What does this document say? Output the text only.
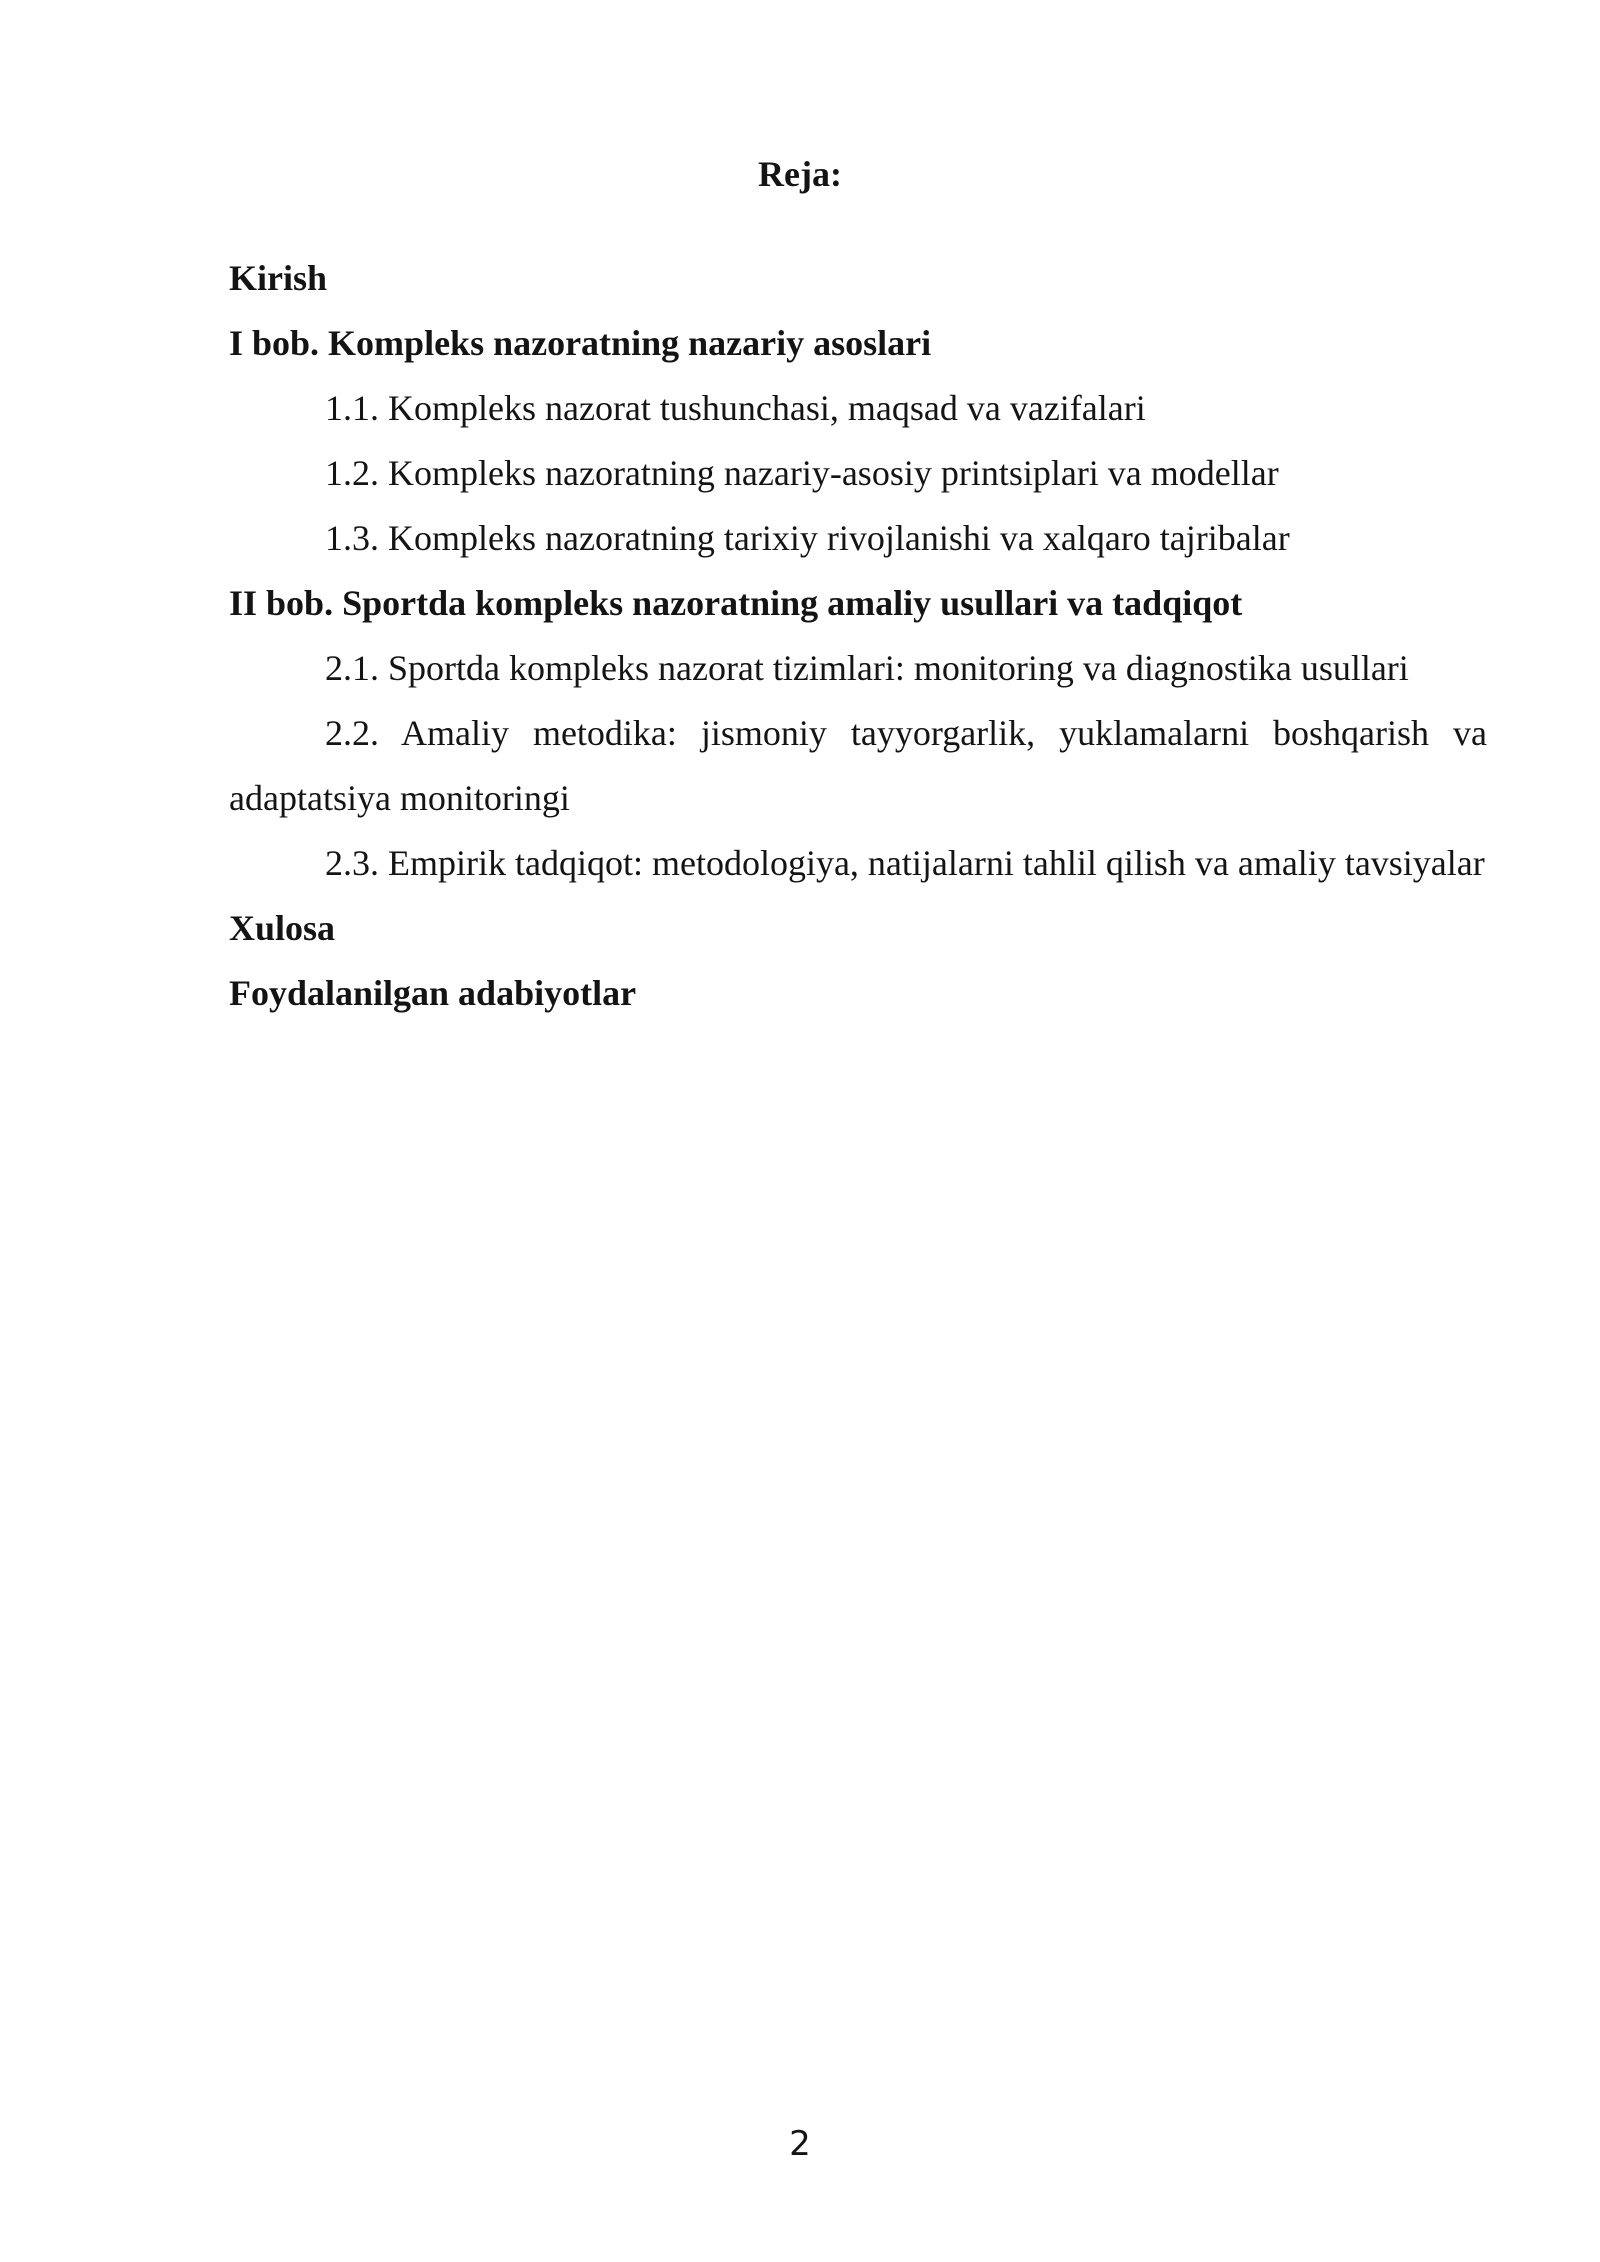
Reja:

Kirish

I bob. Kompleks nazoratning nazariy asoslari

1.1. Kompleks nazorat tushunchasi, maqsad va vazifalari

1.2. Kompleks nazoratning nazariy-asosiy printsiplari va modellar

1.3. Kompleks nazoratning tarixiy rivojlanishi va xalqaro tajribalar

II bob. Sportda kompleks nazoratning amaliy usullari va tadqiqot

2.1. Sportda kompleks nazorat tizimlari: monitoring va diagnostika usullari

2.2. Amaliy metodika: jismoniy tayyorgarlik, yuklamalarni boshqarish va adaptatsiya monitoringi

2.3. Empirik tadqiqot: metodologiya, natijalarni tahlil qilish va amaliy tavsiyalar

Xulosa

Foydalanilgan adabiyotlar

2
